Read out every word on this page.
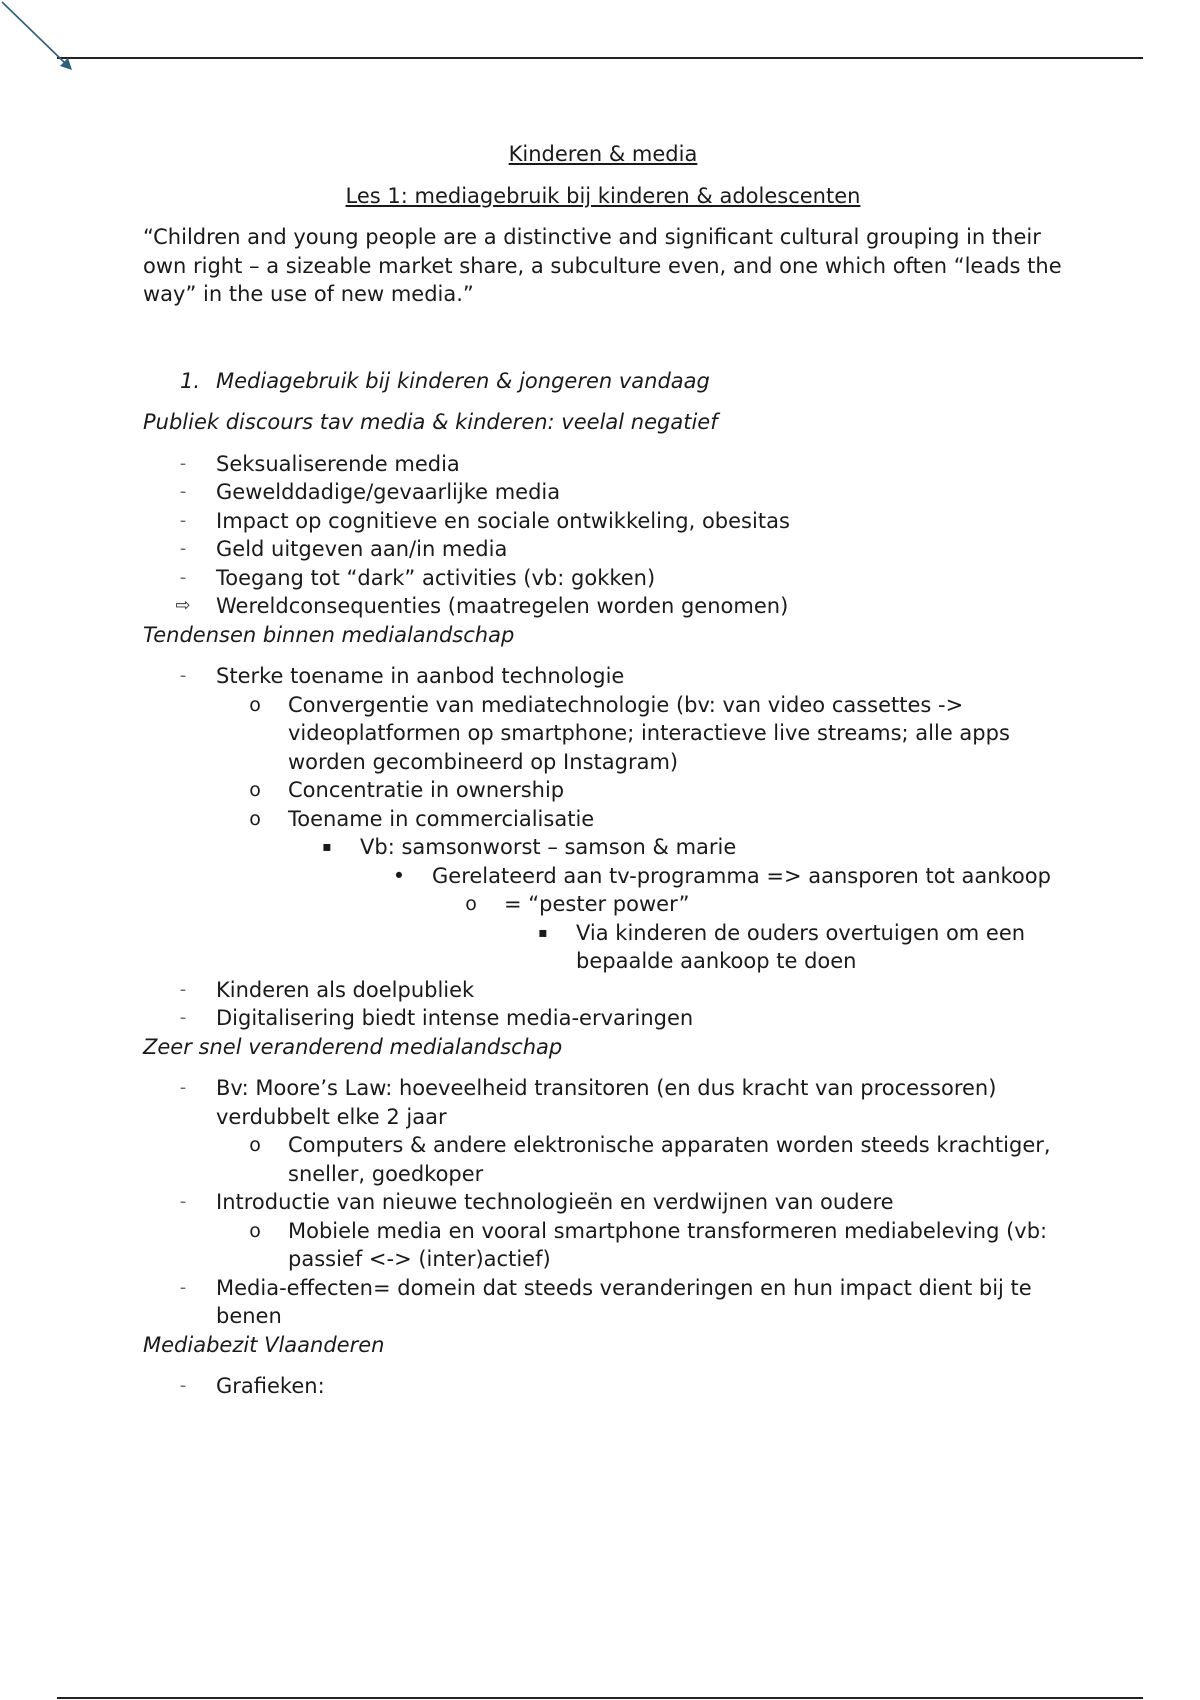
Kinderen & media

Les 1: mediagebruik bij kinderen & adolescenten

“Children and young people are a distinctive and significant cultural grouping in their own right – a sizeable market share, a subculture even, and one which often “leads the way” in the use of new media.”

1. Mediagebruik bij kinderen & jongeren vandaag

Publiek discours tav media & kinderen: veelal negatief

-	Seksualiserende media
-	Gewelddadige/gevaarlijke media
-	Impact op cognitieve en sociale ontwikkeling, obesitas
-	Geld uitgeven aan/in media
-	Toegang tot “dark” activities (vb: gokken)
⇨	Wereldconsequenties (maatregelen worden genomen)

Tendensen binnen medialandschap

-	Sterke toename in aanbod technologie
o	Convergentie van mediatechnologie (bv: van video cassettes -> videoplatformen op smartphone; interactieve live streams; alle apps worden gecombineerd op Instagram)
o	Concentratie in ownership
o	Toename in commercialisatie
▪	Vb: samsonworst – samson & marie
•	Gerelateerd aan tv-programma => aansporen tot aankoop
o	= “pester power”
▪	Via kinderen de ouders overtuigen om een bepaalde aankoop te doen
-	Kinderen als doelpubliek
-	Digitalisering biedt intense media-ervaringen

Zeer snel veranderend medialandschap

-	Bv: Moore’s Law: hoeveelheid transitoren (en dus kracht van processoren) verdubbelt elke 2 jaar
o	Computers & andere elektronische apparaten worden steeds krachtiger, sneller, goedkoper
-	Introductie van nieuwe technologieën en verdwijnen van oudere
o	Mobiele media en vooral smartphone transformeren mediabeleving (vb: passief <-> (inter)actief)
-	Media-effecten= domein dat steeds veranderingen en hun impact dient bij te benen

Mediabezit Vlaanderen

-	Grafieken:
